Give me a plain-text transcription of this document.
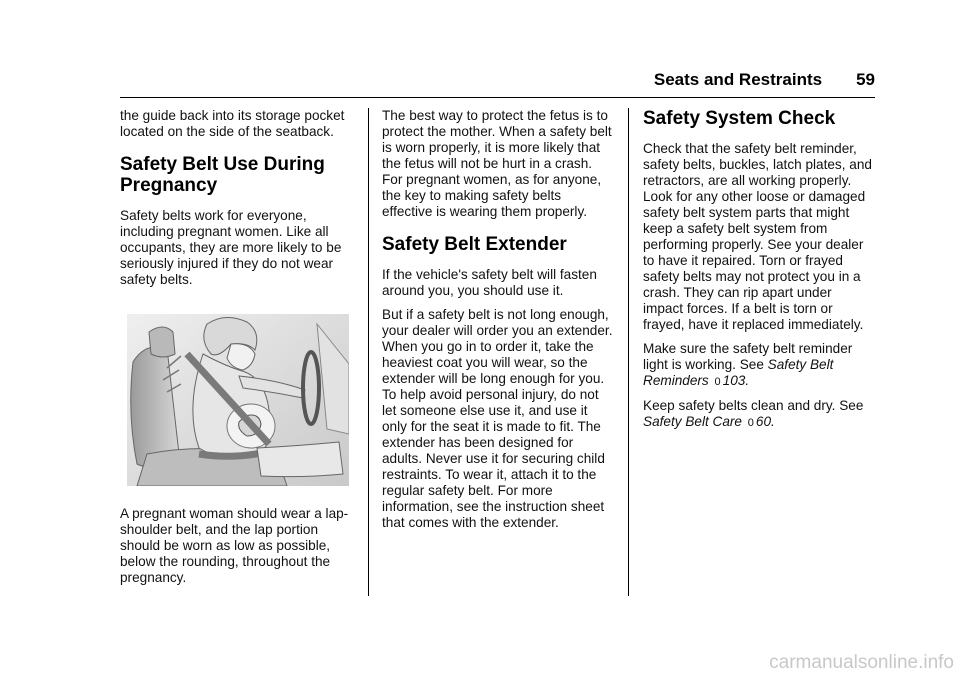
Seats and Restraints 59

the guide back into its storage pocket located on the side of the seatback.

Safety Belt Use During Pregnancy

Safety belts work for everyone, including pregnant women. Like all occupants, they are more likely to be seriously injured if they do not wear safety belts.

A pregnant woman should wear a lap-shoulder belt, and the lap portion should be worn as low as possible, below the rounding, throughout the pregnancy.

The best way to protect the fetus is to protect the mother. When a safety belt is worn properly, it is more likely that the fetus will not be hurt in a crash. For pregnant women, as for anyone, the key to making safety belts effective is wearing them properly.

Safety Belt Extender

If the vehicle's safety belt will fasten around you, you should use it.

But if a safety belt is not long enough, your dealer will order you an extender. When you go in to order it, take the heaviest coat you will wear, so the extender will be long enough for you. To help avoid personal injury, do not let someone else use it, and use it only for the seat it is made to fit. The extender has been designed for adults. Never use it for securing child restraints. To wear it, attach it to the regular safety belt. For more information, see the instruction sheet that comes with the extender.

Safety System Check

Check that the safety belt reminder, safety belts, buckles, latch plates, and retractors, are all working properly. Look for any other loose or damaged safety belt system parts that might keep a safety belt system from performing properly. See your dealer to have it repaired. Torn or frayed safety belts may not protect you in a crash. They can rip apart under impact forces. If a belt is torn or frayed, have it replaced immediately.

Make sure the safety belt reminder light is working. See Safety Belt Reminders 0 103.

Keep safety belts clean and dry. See Safety Belt Care 0 60.

carmanualsonline.info
